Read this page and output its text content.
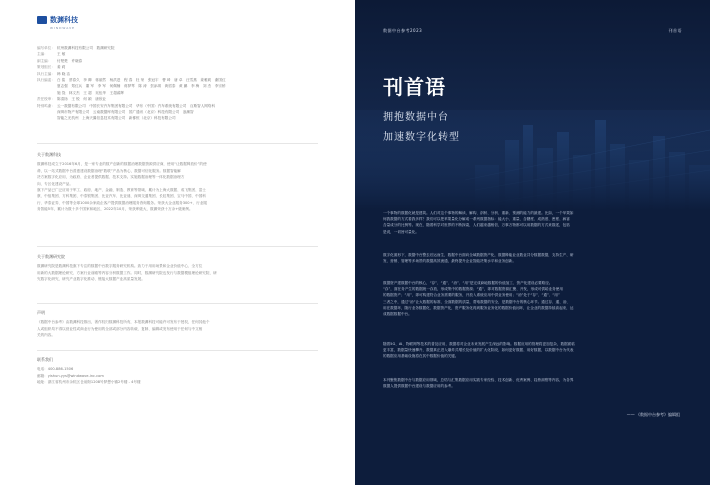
数渊科技
WINDWAVE
编写单位： 杭州数渊科技有限公司　数渊研究院
主编：	王 敏
副主编：	付楚楚　许晓春
策划组长： 姜 莉
执行主编： 韩 晓 洁
执行编委： 白 铭　蔡春久　李 卿　蒋丽然　杨洪进　程 春　杜 荣　张冠宇　曹 琦　唐 卓　汪雪燕　姜雅莉　谢国红
夏志强　郑红兵　董 军　李 军　何佩楠　蒋梦琴　陈 涛　贺添琪　黄招泰　黄 鹏　李 梅　刘 杰　李宗桥
施 饶　林文杰　王 超　吴伍华　王超睿辉
责任校审： 陈清扬　王 锐　何 颖　唐欣业
特别鸣谢： 云一数据有限公司　中国长安汽车集团有限公司　华东（中国）汽车系统有限公司　百斯智人网络科
深圳市物产有限公司　云南数据库有限公司　国广通讯（北京）科技有限公司　浪潮智
智能之光杭州　上海天翼信息技术有限公司　新都恒（北京）科技有限公司
关于数渊科技
数渊科技成立于2016年6月，是一家专业的数产创新的数据治理数据资源供应商，使用“让数据释放价”的使
命，以一站式数据中台普惠建设数据治理“数联”产品为核心，数据可信化服务。数据智能解
决方案数字化应用，为政府、企业者提供数据、技术支持。实施数据治理等一体化数据治理方
向、专区化建设产品。
旗下产品已广泛应用于军工、政府、地产、金融、制造、教育等领域，累计为上海大数据、成飞集团、富士
康、中组集团、方科集团、中泰银集团、比亚汽车、比亚迪、深圳交通集团、长虹集团、宝马中国、中国科
行、华泰证券、中国等全球1000余家政企客户提供数据治理服务咨询服务。荣获大企业服务300+、行业服
务智能5年，累计为数十多个国家和地区，2022年10月，荣获库级大，数渊荣获十万余+级案例。
关于数渊研究院
数渊研究院是数渊科技旗下专注的数据中台数字服务研究机构。致力于用用场景和企业价值中心、全方位
用新的大数据理论研究、方案行业前瞻等内容分析数据工作。同时，数渊研究院也发行与数据模组理论研究院、研
究数字化研究，研究产业数字化推动、链接大数据产业高质量发展。
声明
《数据中台参考》由数渊科技推出，著作权归数渊科技所有，本报数渊科技可能许可发布于授权，任何其他个
人或组织均不得以营业性或商业行为使用的全部或部分内容转载、复制、编辑或发布使用于任何与中文相
关的内容。
联系我们
电话：400-886-1506
邮箱：yishun.yys@windwave-inc.com
地址：浙江省杭州市余杭区仓前街1208号梦想小镇2号楼 - 4号楼
数据中台参考2023	刊首语
刊首语
拥抱数据中台
加速数字化转型
一个事物的数据化就是建筑。人们对这个事物的解读、解构、剖析、分析、重新、预测的能力的最建。比如，一个苹果如
何我数据的方式看我多样？我们可以把苹果量化分解成一系列数据指标：能大小、重量、含糖度、成熟度、密度、病害
含量成分的比例等。现在，随着科学对世界的不断探索，人们越来越相信，万事万物都可以用数据的方式来描述，包括
是说，一切皆可量化。
数字化面形下，数据中台整去后运而生，数据中台面向全域数据资产化，数据释能业业数业共分数据数据，支持生产、研
发、营销、管理等多场景的数据高效流通，最终提升企业智能决策水平和业务创新。
数据资产建数据中台的核心，“存”、“通”、“治”、“用”是完成商地数据的价值加工、资产化建设必要路径。
“存”，面在务产生的数据统一存放，形成集中的数据资源；“通”，即对数据资源汇聚、开发，形成可供给业务使用
的数据资产；“用”，即可构建符合业务需要的服务，开放入系统应用中供业务使用；“治”处于“存”、“通”、“用”
三者之中，通过“治”让大数据的标准、全面数据的质量，帮取数据的安全，是数据中台的核心环节。通过存、通、治、
用在数据环，随行业务数据化、数据资产化，资产服务化再到服务业务化的数据价值闭环，让企业的数据持续高起来，达
成数据数据中台。
随着5G、AI、物联网等技术的普及应用，数据将对企业未来发展产生深远的影响。数据应用的管理将更加复杂，数据面临
更丰富，数据量快速攀升，数据真正进入爆炸式增长及价值的扩大化阶段，如何更好数据、用好数据，以数据中台为代表
的数据应用基础设施将在其中数据价值的关键。
本刊聚焦数据中台与数据应用领域，总结与汇集数据应用实践专家经验、技术创新、优秀案例、趋势洞察等内容，为各界
数据人提供数据中台建设与数据应用的参考。
—— 《数据中台参考》编辑组
